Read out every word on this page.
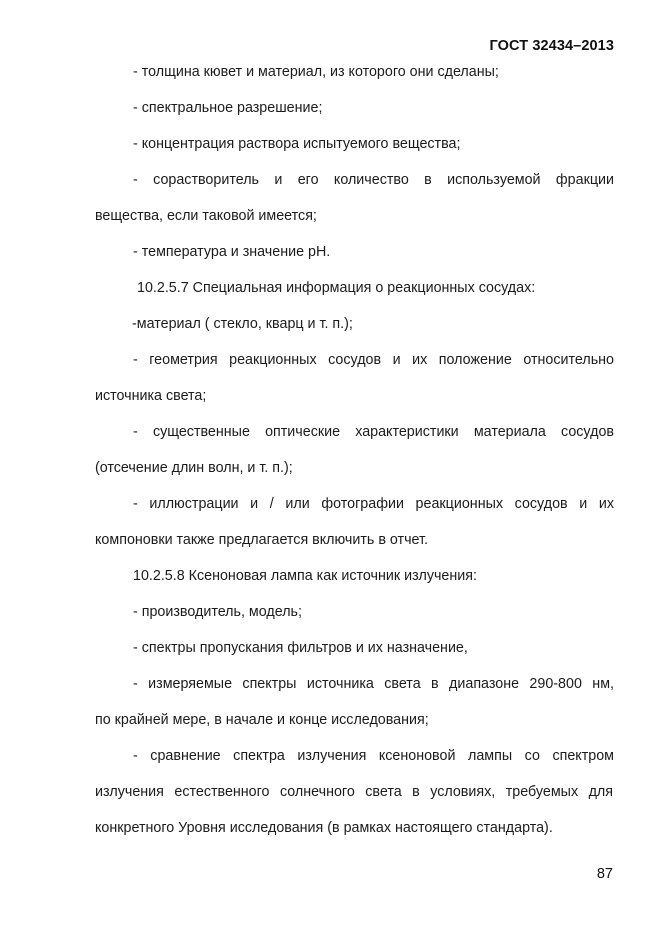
ГОСТ 32434–2013
- толщина кювет и материал, из которого они сделаны;
- спектральное разрешение;
- концентрация раствора испытуемого вещества;
- сорастворитель и его количество в используемой фракции
вещества, если таковой имеется;
- температура и значение рН.
10.2.5.7 Специальная информация о реакционных сосудах:
-материал ( стекло, кварц и т. п.);
- геометрия реакционных сосудов и их положение относительно
источника света;
- существенные оптические характеристики материала сосудов
(отсечение длин волн, и т. п.);
- иллюстрации и / или фотографии реакционных сосудов и их
компоновки также предлагается включить в отчет.
10.2.5.8 Ксеноновая лампа как источник излучения:
- производитель, модель;
- спектры пропускания фильтров и их назначение,
- измеряемые спектры источника света в диапазоне 290-800 нм,
по крайней мере, в начале и конце исследования;
- сравнение спектра излучения ксеноновой лампы со спектром
излучения естественного солнечного света в условиях, требуемых для
конкретного Уровня исследования (в рамках настоящего стандарта).
87
